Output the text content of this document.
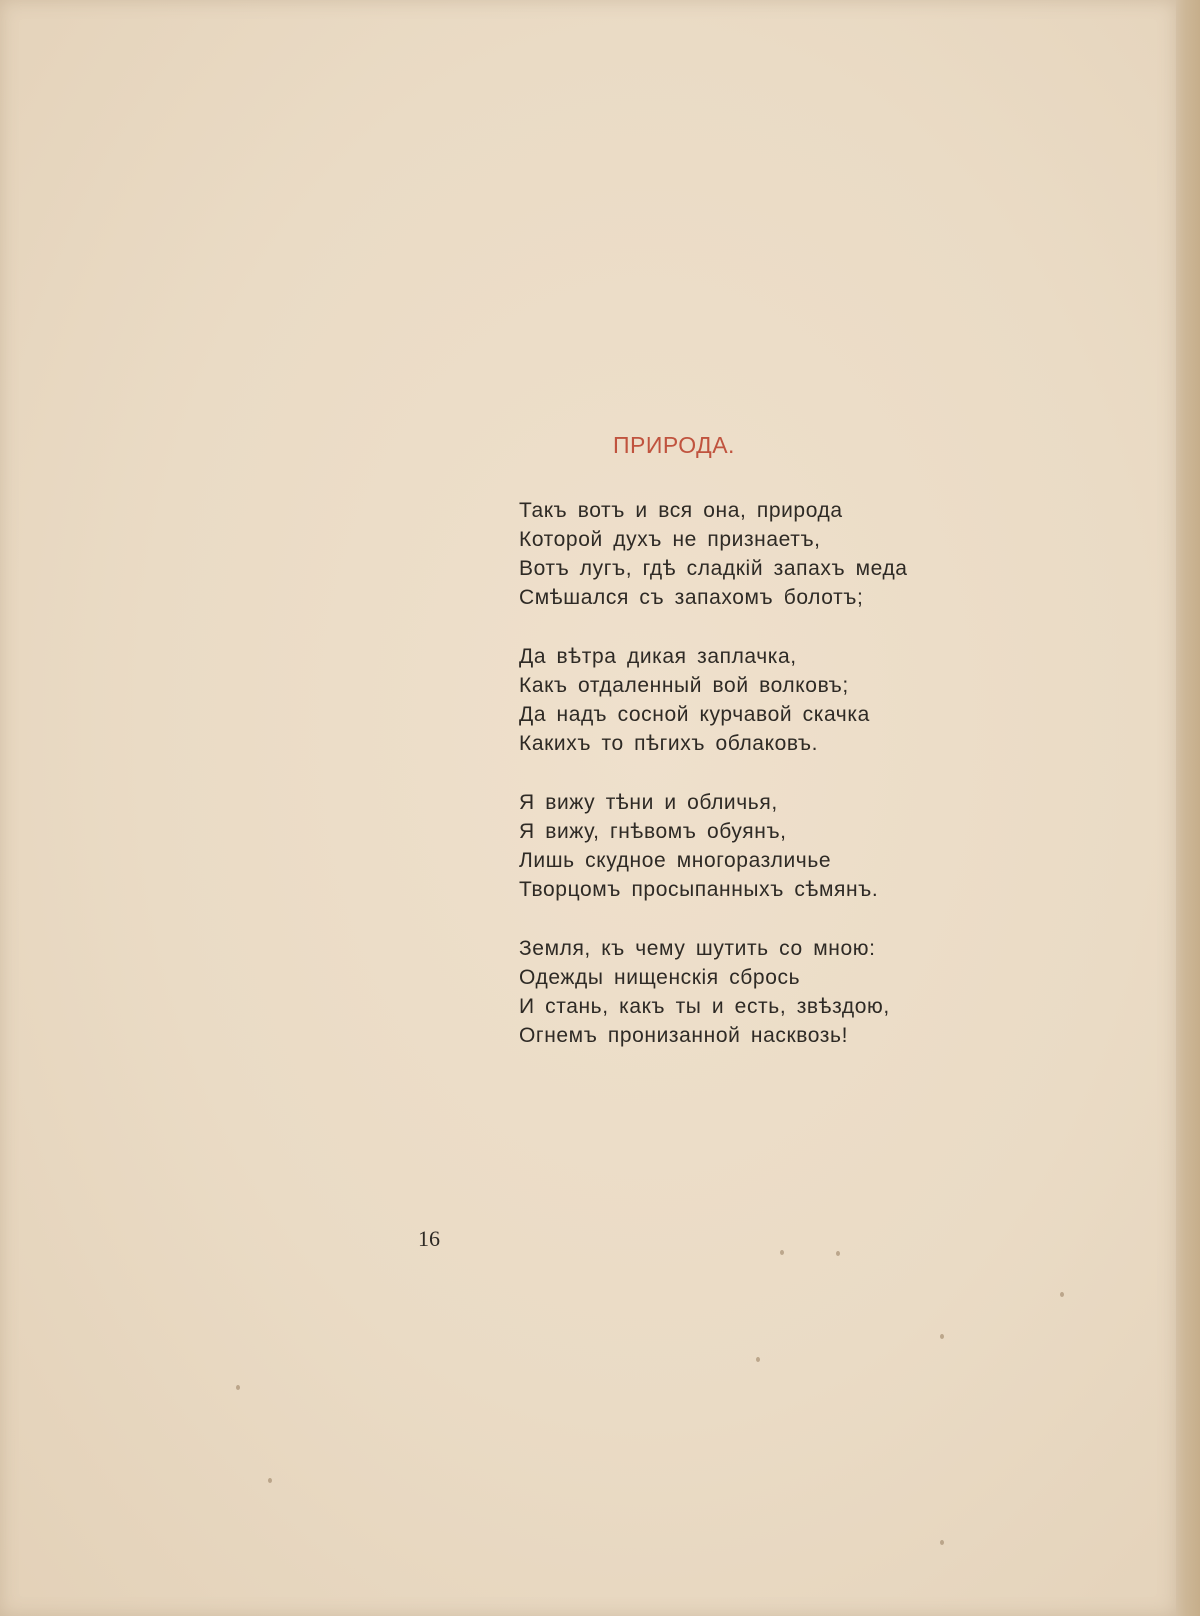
ПРИРОДА.
Такъ вотъ и вся она, природа
Которой духъ не признаетъ,
Вотъ лугъ, гдѣ сладкій запахъ меда
Смѣшался съ запахомъ болотъ;
Да вѣтра дикая заплачка,
Какъ отдаленный вой волковъ;
Да надъ сосной курчавой скачка
Какихъ то пѣгихъ облаковъ.
Я вижу тѣни и обличья,
Я вижу, гнѣвомъ обуянъ,
Лишь скудное многоразличье
Творцомъ просыпанныхъ сѣмянъ.
Земля, къ чему шутить со мною:
Одежды нищенскія сбрось
И стань, какъ ты и есть, звѣздою,
Огнемъ пронизанной насквозь!
16
